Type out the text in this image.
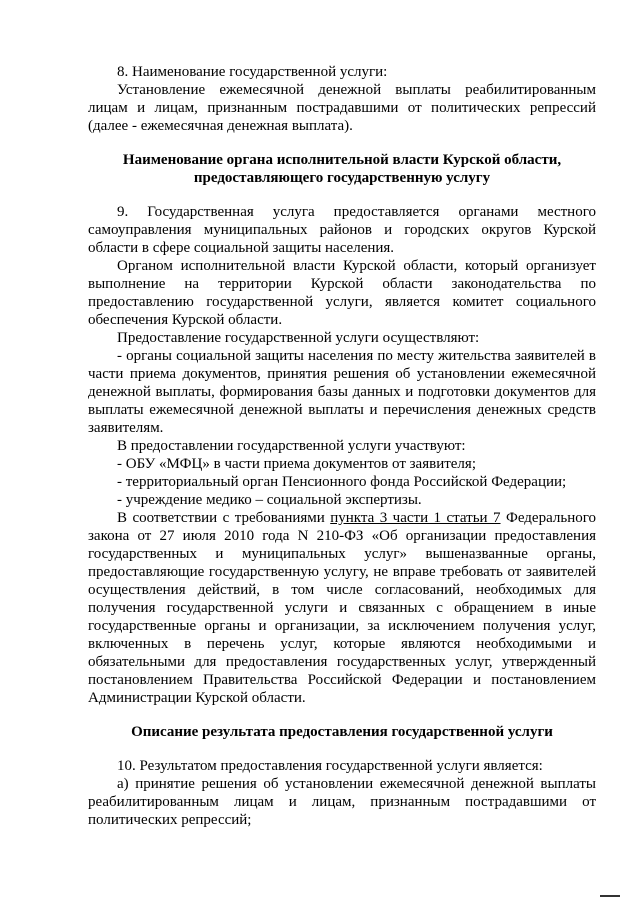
8. Наименование государственной услуги:

Установление ежемесячной денежной выплаты реабилитированным лицам и лицам, признанным пострадавшими от политических репрессий (далее - ежемесячная денежная выплата).

Наименование органа исполнительной власти Курской области,

предоставляющего государственную услугу

9. Государственная услуга предоставляется органами местного самоуправления муниципальных районов и городских округов Курской области в сфере социальной защиты населения.

Органом исполнительной власти Курской области, который организует выполнение на территории Курской области законодательства по предоставлению государственной услуги, является комитет социального обеспечения Курской области.

Предоставление государственной услуги осуществляют:

- органы социальной защиты населения по месту жительства заявителей в части приема документов, принятия решения об установлении ежемесячной денежной выплаты, формирования базы данных и подготовки документов для выплаты ежемесячной денежной выплаты и перечисления денежных средств заявителям.

В предоставлении государственной услуги участвуют:

- ОБУ «МФЦ» в части приема документов от заявителя;

- территориальный орган Пенсионного фонда Российской Федерации;

- учреждение медико – социальной экспертизы.

В соответствии с требованиями пункта 3 части 1 статьи 7 Федерального закона от 27 июля 2010 года N 210-ФЗ «Об организации предоставления государственных и муниципальных услуг» вышеназванные органы, предоставляющие государственную услугу, не вправе требовать от заявителей осуществления действий, в том числе согласований, необходимых для получения государственной услуги и связанных с обращением в иные государственные органы и организации, за исключением получения услуг, включенных в перечень услуг, которые являются необходимыми и обязательными для предоставления государственных услуг, утвержденный постановлением Правительства Российской Федерации и постановлением Администрации Курской области.

Описание результата предоставления государственной услуги

10. Результатом предоставления государственной услуги является:

а) принятие решения об установлении ежемесячной денежной выплаты реабилитированным лицам и лицам, признанным пострадавшими от политических репрессий;
